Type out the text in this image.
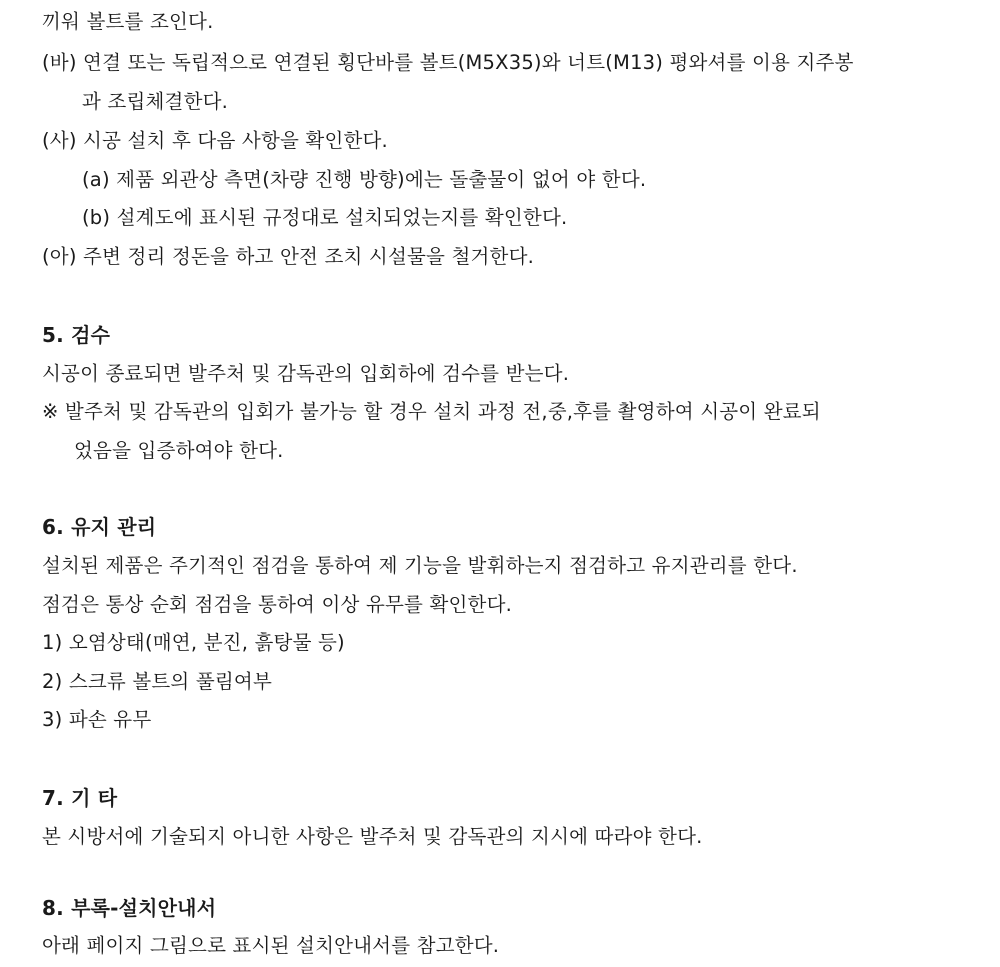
끼워 볼트를 조인다.
(바) 연결 또는 독립적으로 연결된 횡단바를 볼트(M5X35)와 너트(M13) 평와셔를 이용 지주봉
과 조립체결한다.
(사) 시공 설치 후 다음 사항을 확인한다.
(a) 제품 외관상 측면(차량 진행 방향)에는 돌출물이 없어 야 한다.
(b) 설계도에 표시된 규정대로 설치되었는지를 확인한다.
(아) 주변 정리 정돈을 하고 안전 조치 시설물을 철거한다.
5. 검수
시공이 종료되면 발주처 및 감독관의 입회하에 검수를 받는다.
※ 발주처 및 감독관의 입회가 불가능 할 경우 설치 과정 전,중,후를 촬영하여 시공이 완료되
었음을 입증하여야 한다.
6. 유지 관리
설치된 제품은 주기적인 점검을 통하여 제 기능을 발휘하는지 점검하고 유지관리를 한다.
점검은 통상 순회 점검을 통하여 이상 유무를 확인한다.
1) 오염상태(매연, 분진, 흙탕물 등)
2) 스크류 볼트의 풀림여부
3) 파손 유무
7. 기 타
본 시방서에 기술되지 아니한 사항은 발주처 및 감독관의 지시에 따라야 한다.
8. 부록-설치안내서
아래 페이지 그림으로 표시된 설치안내서를 참고한다.
